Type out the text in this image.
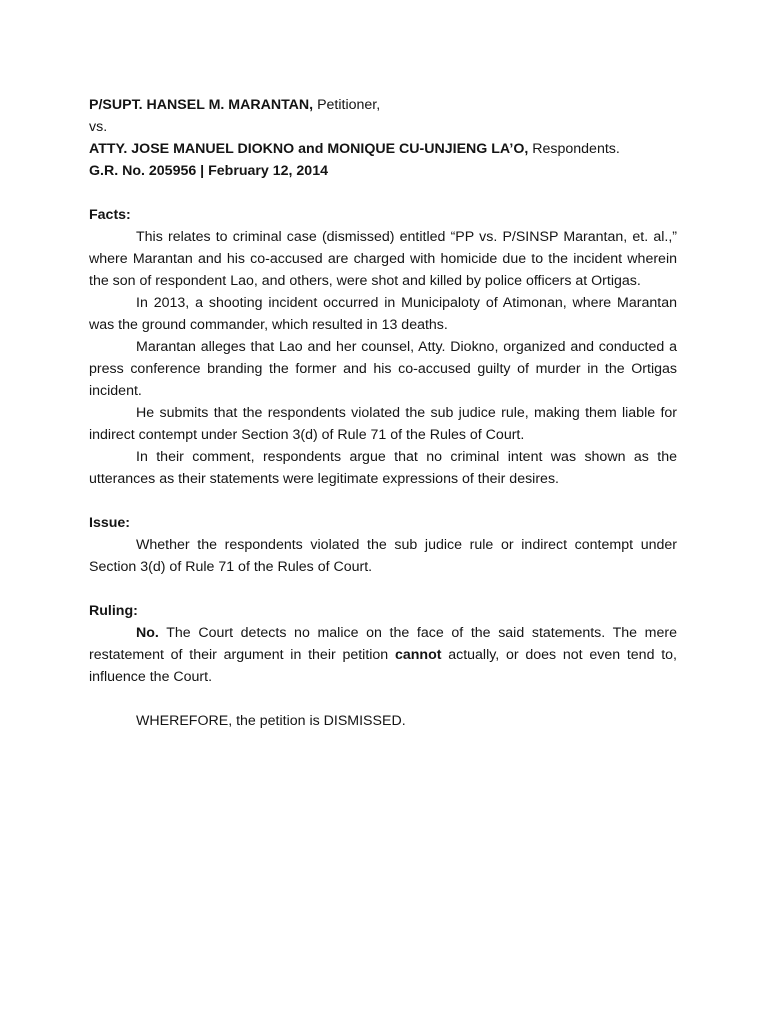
P/SUPT. HANSEL M. MARANTAN, Petitioner,

vs.

ATTY. JOSE MANUEL DIOKNO and MONIQUE CU-UNJIENG LA’O, Respondents.

G.R. No. 205956 | February 12, 2014

Facts:

This relates to criminal case (dismissed) entitled “PP vs. P/SINSP Marantan, et. al.,” where Marantan and his co-accused are charged with homicide due to the incident wherein the son of respondent Lao, and others, were shot and killed by police officers at Ortigas.

In 2013, a shooting incident occurred in Municipaloty of Atimonan, where Marantan was the ground commander, which resulted in 13 deaths.

Marantan alleges that Lao and her counsel, Atty. Diokno, organized and conducted a press conference branding the former and his co-accused guilty of murder in the Ortigas incident.

He submits that the respondents violated the sub judice rule, making them liable for indirect contempt under Section 3(d) of Rule 71 of the Rules of Court.

In their comment, respondents argue that no criminal intent was shown as the utterances as their statements were legitimate expressions of their desires.

Issue:

Whether the respondents violated the sub judice rule or indirect contempt under Section 3(d) of Rule 71 of the Rules of Court.

Ruling:

No. The Court detects no malice on the face of the said statements. The mere restatement of their argument in their petition cannot actually, or does not even tend to, influence the Court.

WHEREFORE, the petition is DISMISSED.
